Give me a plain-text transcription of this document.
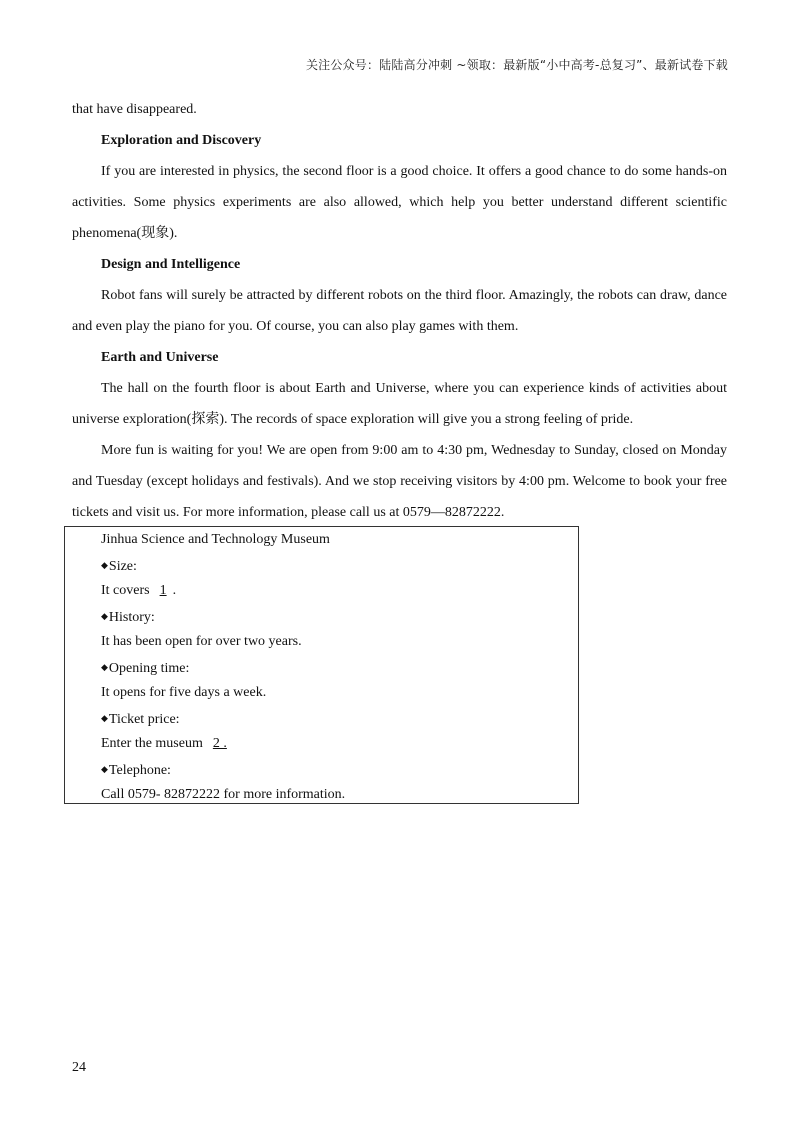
关注公众号：陆陆高分冲刺 ~领取：最新版“小中高考-总复习”、最新试卷下载

that have disappeared.

Exploration and Discovery

If you are interested in physics, the second floor is a good choice. It offers a good chance to do some hands-on activities. Some physics experiments are also allowed, which help you better understand different scientific phenomena(现象).

Design and Intelligence

Robot fans will surely be attracted by different robots on the third floor. Amazingly, the robots can draw, dance and even play the piano for you. Of course, you can also play games with them.

Earth and Universe

The hall on the fourth floor is about Earth and Universe, where you can experience kinds of activities about universe exploration(探索). The records of space exploration will give you a strong feeling of pride.

More fun is waiting for you! We are open from 9:00 am to 4:30 pm, Wednesday to Sunday, closed on Monday and Tuesday (except holidays and festivals). And we stop receiving visitors by 4:00 pm. Welcome to book your free tickets and visit us. For more information, please call us at 0579—82872222.

Jinhua Science and Technology Museum
◆Size:
It covers 1 .
◆History:
It has been open for over two years.
◆Opening time:
It opens for five days a week.
◆Ticket price:
Enter the museum 2 .
◆Telephone:
Call 0579- 82872222 for more information.
24
